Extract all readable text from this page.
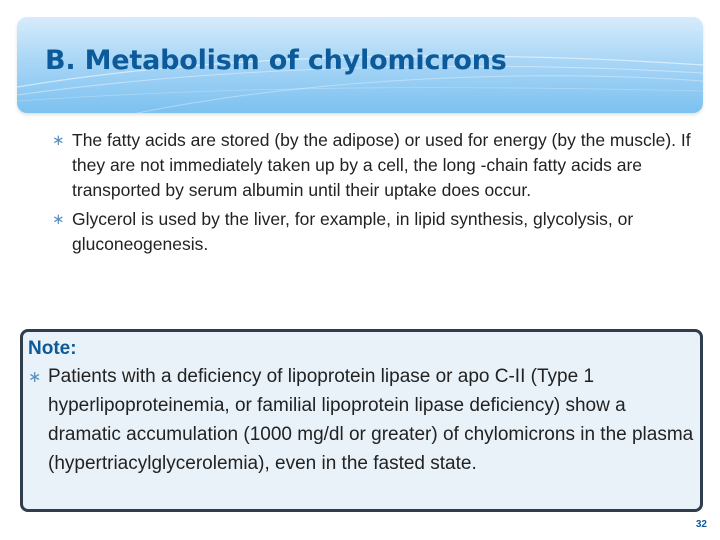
B. Metabolism of chylomicrons
∗ The fatty acids are stored (by the adipose) or used for energy (by the muscle). If they are not immediately taken up by a cell, the long -chain fatty acids are transported by serum albumin until their uptake does occur.
∗ Glycerol is used by the liver, for example, in lipid synthesis, glycolysis, or gluconeogenesis.
Note:
∗ Patients with a deficiency of lipoprotein lipase or apo C-II (Type 1 hyperlipoproteinemia, or familial lipoprotein lipase deficiency) show a dramatic accumulation (1000 mg/dl or greater) of chylomicrons in the plasma (hypertriacylglycerolemia), even in the fasted state.
32
